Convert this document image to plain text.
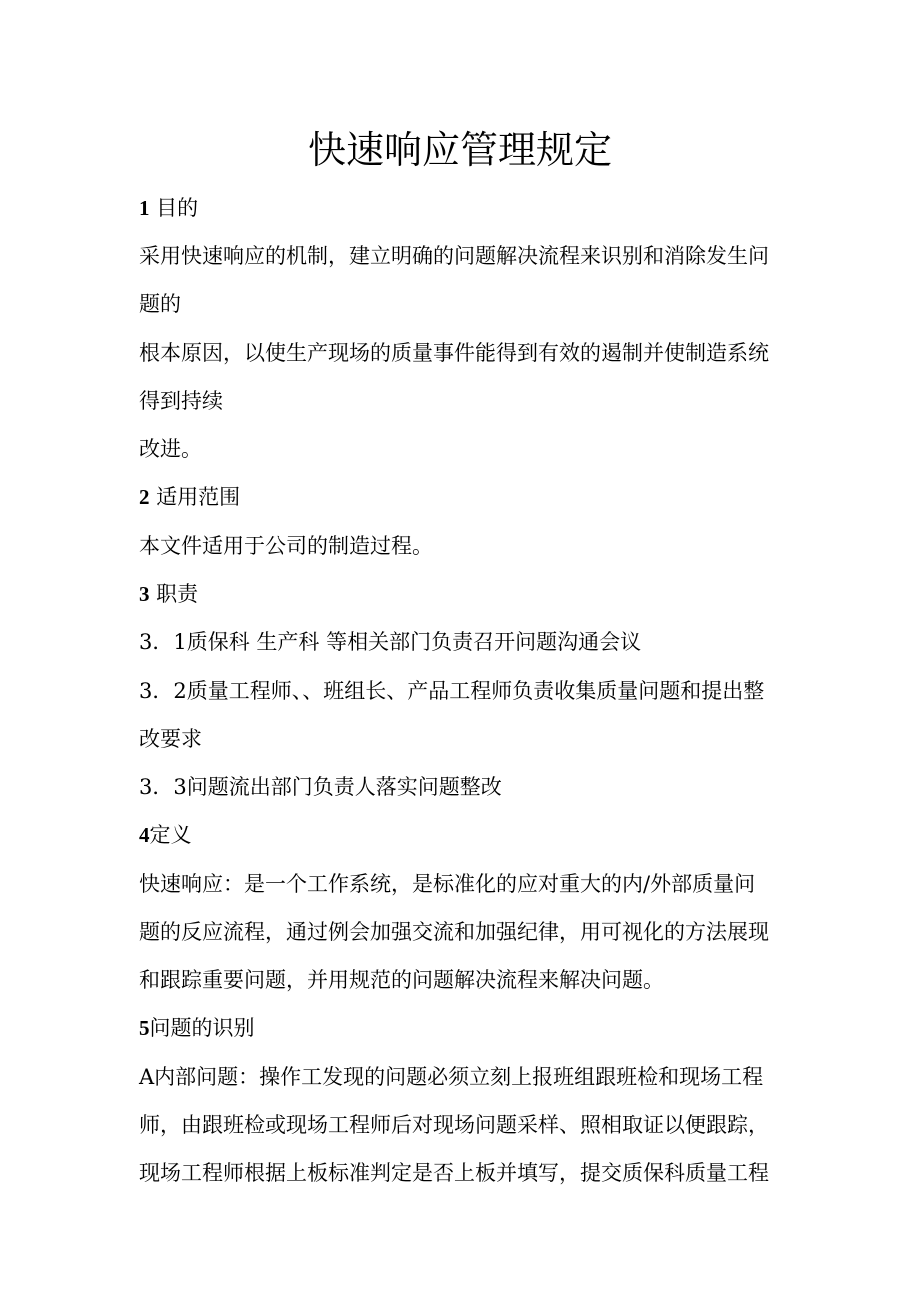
快速响应管理规定
1 目的
采用快速响应的机制，建立明确的问题解决流程来识别和消除发生问
题的
根本原因，以使生产现场的质量事件能得到有效的遏制并使制造系统
得到持续
改进。
2 适用范围
本文件适用于公司的制造过程。
3 职责
3．1质保科 生产科 等相关部门负责召开问题沟通会议
3．2质量工程师、、班组长、产品工程师负责收集质量问题和提出整
改要求
3．3问题流出部门负责人落实问题整改
4定义
快速响应：是一个工作系统，是标准化的应对重大的内/外部质量问
题的反应流程，通过例会加强交流和加强纪律，用可视化的方法展现
和跟踪重要问题，并用规范的问题解决流程来解决问题。
5问题的识别
A内部问题：操作工发现的问题必须立刻上报班组跟班检和现场工程
师，由跟班检或现场工程师后对现场问题采样、照相取证以便跟踪，
现场工程师根据上板标准判定是否上板并填写，提交质保科质量工程
